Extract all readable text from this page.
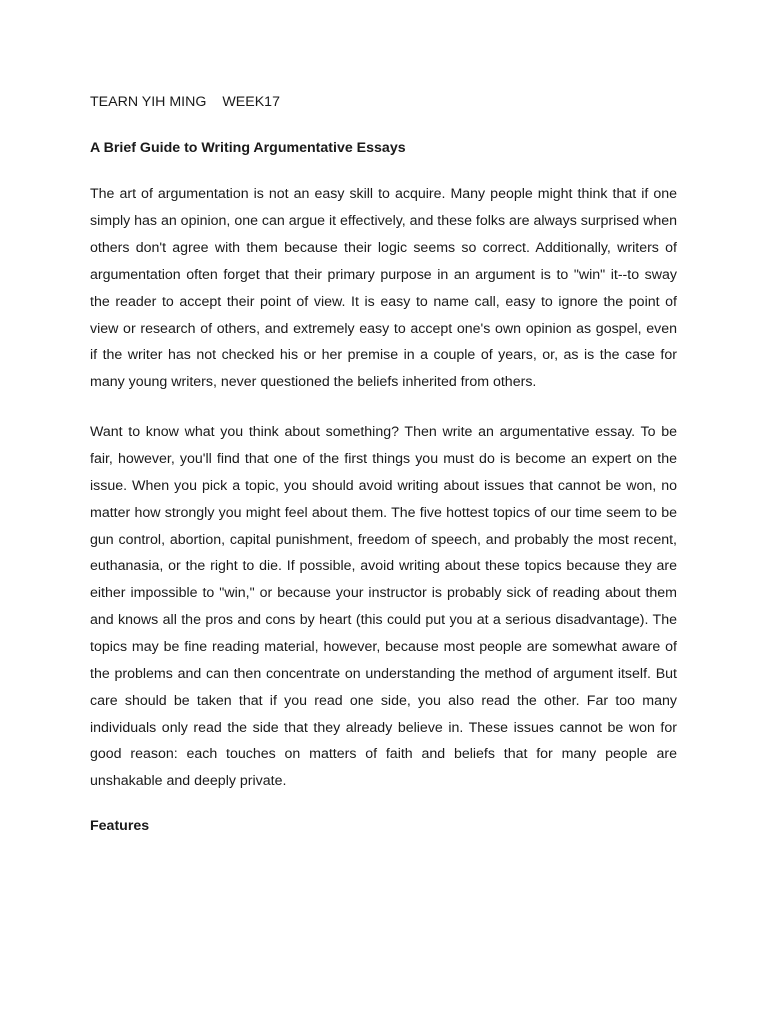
TEARN YIH MING WEEK17

A Brief Guide to Writing Argumentative Essays

The art of argumentation is not an easy skill to acquire. Many people might think that if one simply has an opinion, one can argue it effectively, and these folks are always surprised when others don't agree with them because their logic seems so correct. Additionally, writers of argumentation often forget that their primary purpose in an argument is to "win" it--to sway the reader to accept their point of view. It is easy to name call, easy to ignore the point of view or research of others, and extremely easy to accept one's own opinion as gospel, even if the writer has not checked his or her premise in a couple of years, or, as is the case for many young writers, never questioned the beliefs inherited from others.

Want to know what you think about something? Then write an argumentative essay. To be fair, however, you'll find that one of the first things you must do is become an expert on the issue. When you pick a topic, you should avoid writing about issues that cannot be won, no matter how strongly you might feel about them. The five hottest topics of our time seem to be gun control, abortion, capital punishment, freedom of speech, and probably the most recent, euthanasia, or the right to die. If possible, avoid writing about these topics because they are either impossible to "win," or because your instructor is probably sick of reading about them and knows all the pros and cons by heart (this could put you at a serious disadvantage). The topics may be fine reading material, however, because most people are somewhat aware of the problems and can then concentrate on understanding the method of argument itself. But care should be taken that if you read one side, you also read the other. Far too many individuals only read the side that they already believe in. These issues cannot be won for good reason: each touches on matters of faith and beliefs that for many people are unshakable and deeply private.

Features
